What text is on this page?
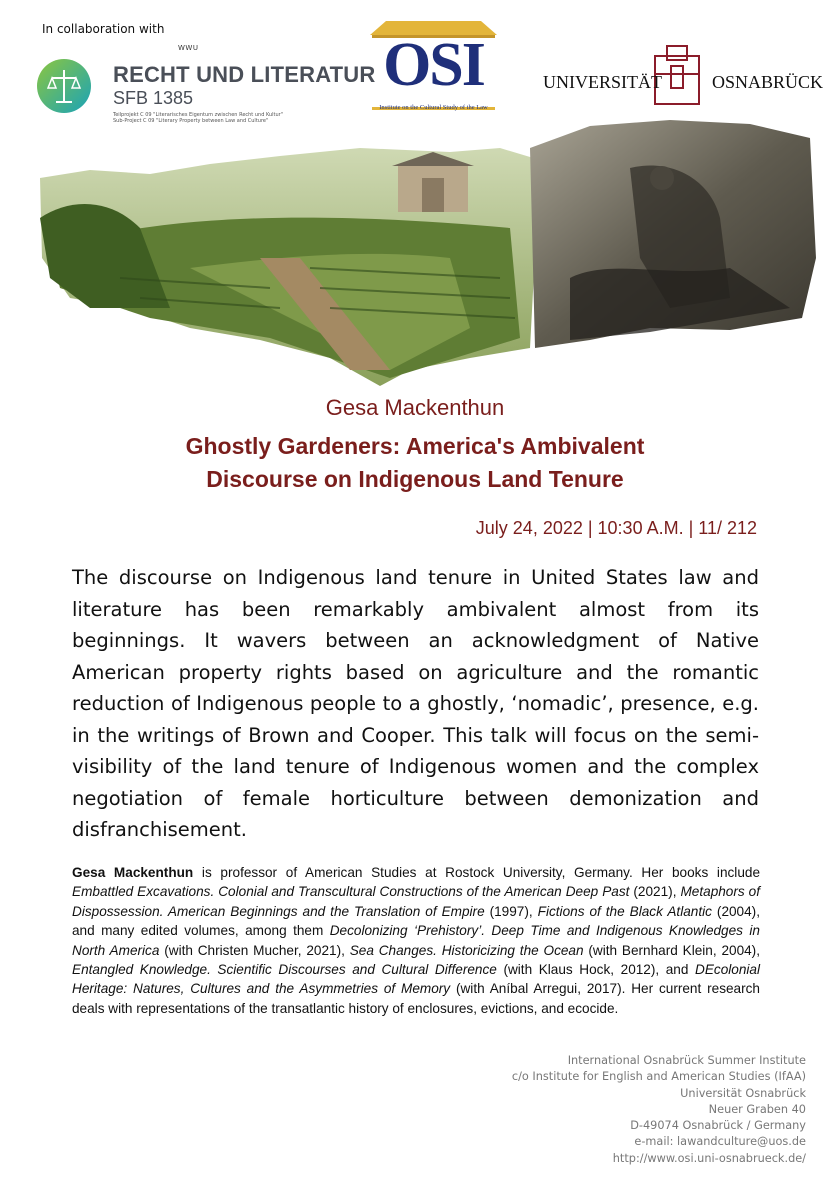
In collaboration with
WWU
RECHT UND LITERATUR
SFB 1385
Teilprojekt C 09 "Literarisches Eigentum zwischen Recht und Kultur"
Sub-Project C 09 "Literary Property between Law and Culture"
OSI
Institute on the Cultural Study of the Law
UNIVERSITÄT	OSNABRÜCK
Gesa Mackenthun
Ghostly Gardeners: America's Ambivalent
Discourse on Indigenous Land Tenure
July 24, 2022 | 10:30 A.M. | 11/ 212
The discourse on Indigenous land tenure in United States law and literature has been remarkably ambivalent almost from its beginnings. It wavers between an acknowledgment of Native American property rights based on agriculture and the romantic reduction of Indigenous people to a ghostly, ‘nomadic’, presence, e.g. in the writings of Brown and Cooper. This talk will focus on the semi-visibility of the land tenure of Indigenous women and the complex negotiation of female horticulture between demonization and disfranchisement.
Gesa Mackenthun is professor of American Studies at Rostock University, Germany. Her books include Embattled Excavations. Colonial and Transcultural Constructions of the American Deep Past (2021), Metaphors of Dispossession. American Beginnings and the Translation of Empire (1997), Fictions of the Black Atlantic (2004), and many edited volumes, among them Decolonizing ‘Prehistory’. Deep Time and Indigenous Knowledges in North America (with Christen Mucher, 2021), Sea Changes. Historicizing the Ocean (with Bernhard Klein, 2004), Entangled Knowledge. Scientific Discourses and Cultural Difference (with Klaus Hock, 2012), and DEcolonial Heritage: Natures, Cultures and the Asymmetries of Memory (with Aníbal Arregui, 2017). Her current research deals with representations of the transatlantic history of enclosures, evictions, and ecocide.
International Osnabrück Summer Institute
c/o Institute for English and American Studies (IfAA)
Universität Osnabrück
Neuer Graben 40
D-49074 Osnabrück / Germany
e-mail: lawandculture@uos.de
http://www.osi.uni-osnabrueck.de/
